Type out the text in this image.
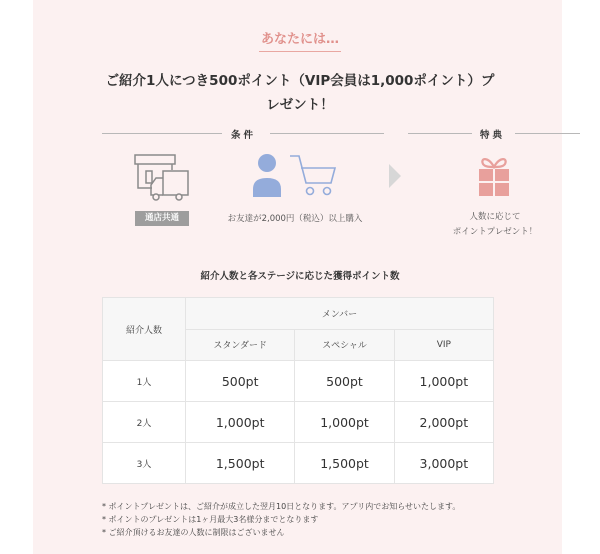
あなたには…
ご紹介1人につき500ポイント（VIP会員は1,000ポイント）プレゼント！
条件	特典
通店共通	お友達が2,000円（税込）以上購入	人数に応じて
ポイントプレゼント！
紹介人数と各ステージに応じた獲得ポイント数
紹介人数	メンバー		
	スタンダード	スペシャル	VIP
1人	500pt	500pt	1,000pt
2人	1,000pt	1,000pt	2,000pt
3人	1,500pt	1,500pt	3,000pt
* ポイントプレゼントは、ご紹介が成立した翌月10日となります。アプリ内でお知らせいたします。
* ポイントのプレゼントは1ヶ月最大3名様分までとなります
* ご紹介頂けるお友達の人数に制限はございません
